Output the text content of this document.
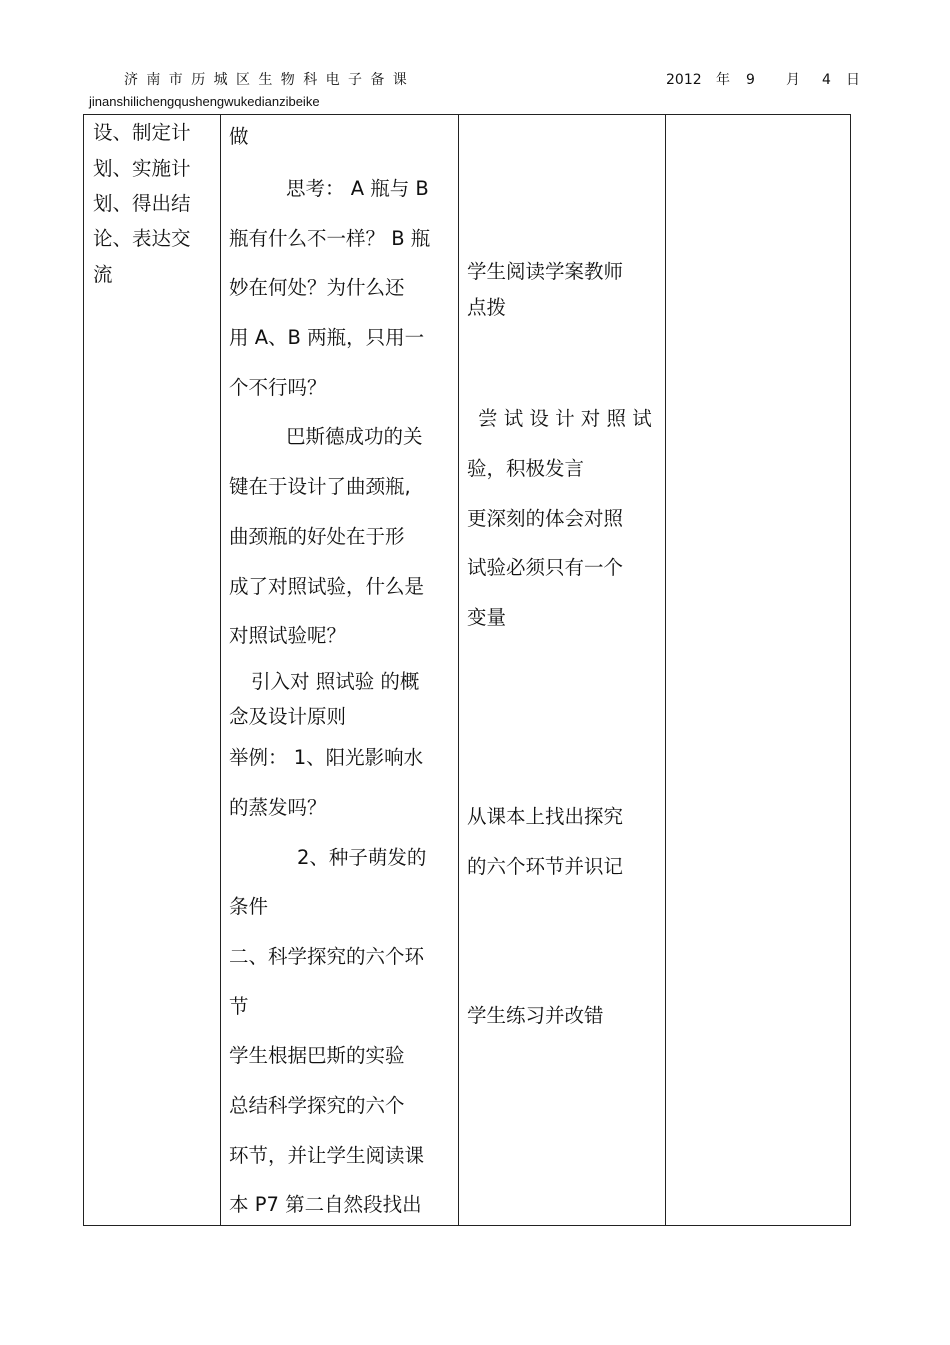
济南市历城区生物科电子备课
jinanshilichengqushengwukedianzibeike
2012 年 9 月 4 日
设、制定计
划、实施计
划、得出结
论、表达交
流
做
思考： A 瓶与 B
瓶有什么不一样？ B 瓶
妙在何处？为什么还
用 A、B 两瓶，只用一
个不行吗？
巴斯德成功的关
键在于设计了曲颈瓶,
曲颈瓶的好处在于形
成了对照试验，什么是
对照试验呢？
引入对 照试验 的概
念及设计原则
举例： 1、阳光影响水
的蒸发吗？
2、种子萌发的
条件
二、科学探究的六个环
节
学生根据巴斯的实验
总结科学探究的六个
环节，并让学生阅读课
本 P7 第二自然段找出
学生阅读学案教师
点拨
尝 试 设 计 对 照 试
验，积极发言
更深刻的体会对照
试验必须只有一个
变量
从课本上找出探究
的六个环节并识记
学生练习并改错
